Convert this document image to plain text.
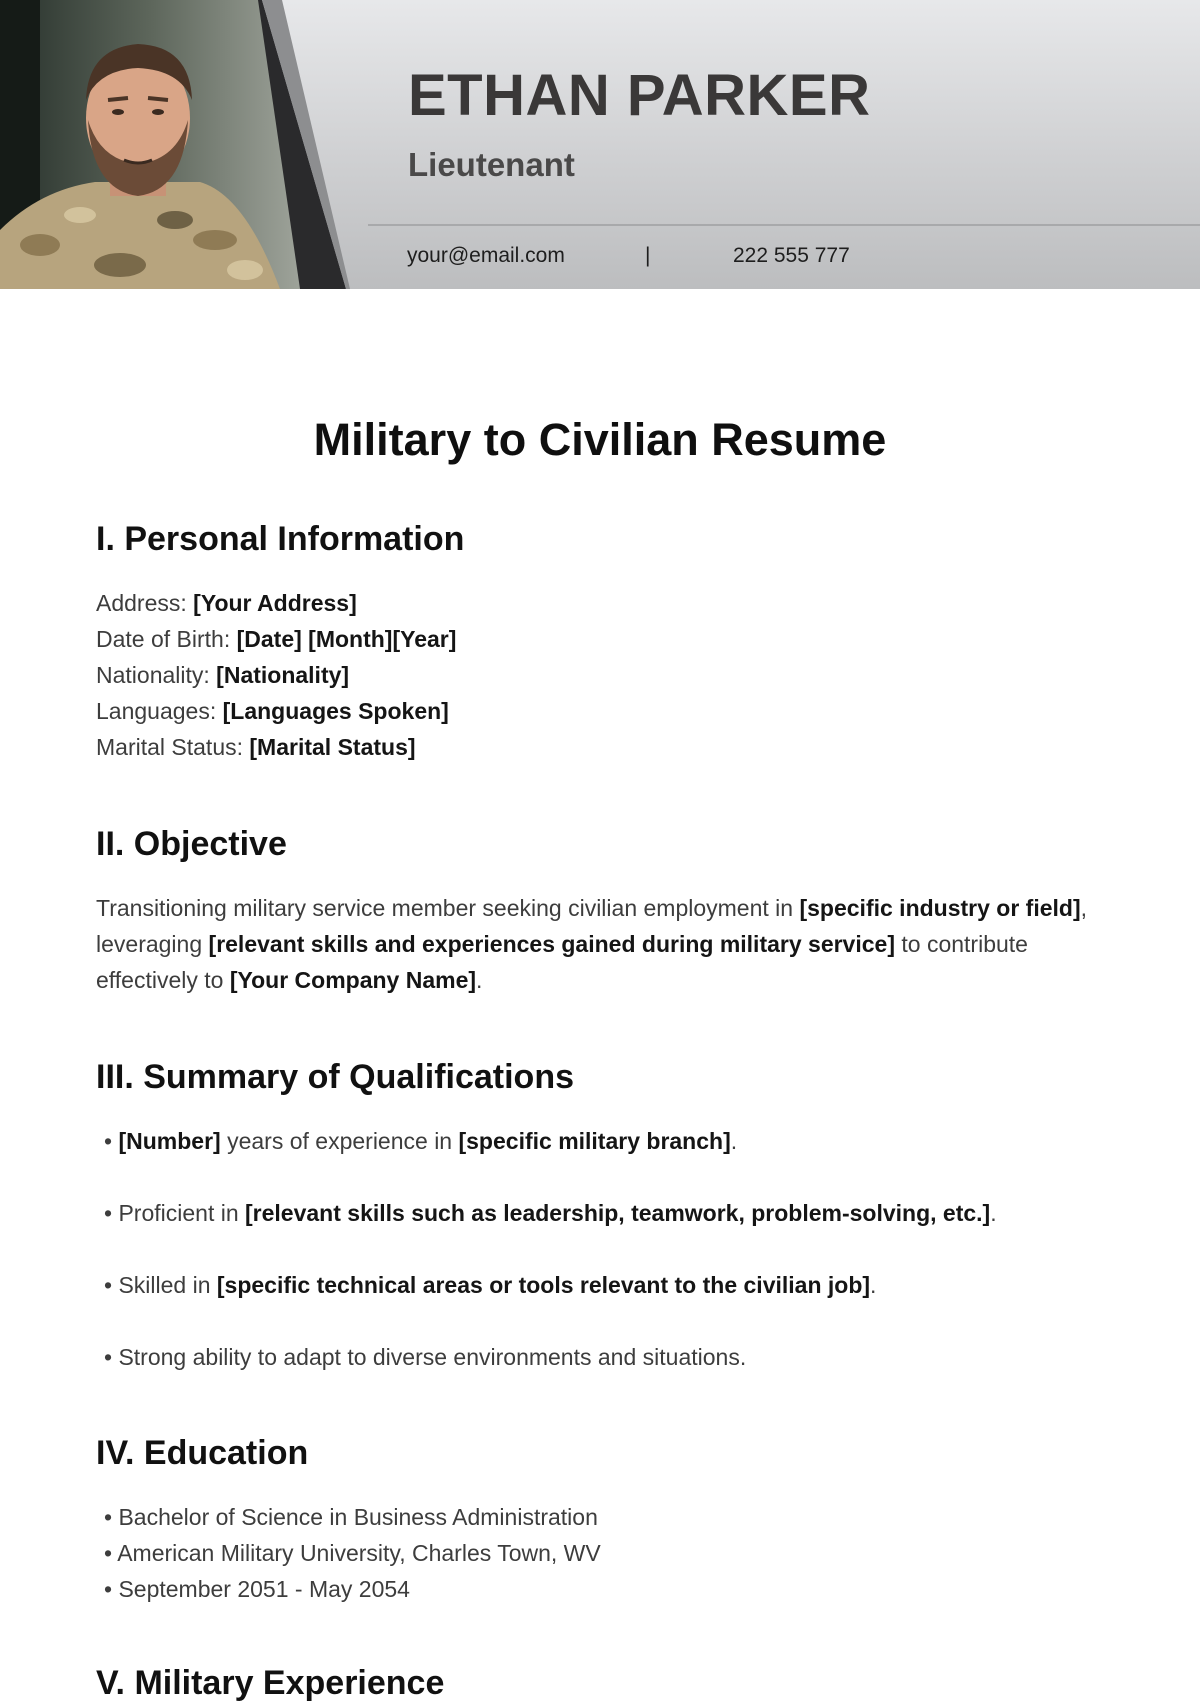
ETHAN PARKER
Lieutenant
your@email.com	|	222 555 777
Military to Civilian Resume
I. Personal Information
Address: [Your Address]
Date of Birth: [Date] [Month][Year]
Nationality: [Nationality]
Languages: [Languages Spoken]
Marital Status: [Marital Status]
II. Objective
Transitioning military service member seeking civilian employment in [specific industry or field], leveraging [relevant skills and experiences gained during military service] to contribute effectively to [Your Company Name].
III. Summary of Qualifications
• [Number] years of experience in [specific military branch].
• Proficient in [relevant skills such as leadership, teamwork, problem-solving, etc.].
• Skilled in [specific technical areas or tools relevant to the civilian job].
• Strong ability to adapt to diverse environments and situations.
IV. Education
• Bachelor of Science in Business Administration
• American Military University, Charles Town, WV
• September 2051 - May 2054
V. Military Experience
